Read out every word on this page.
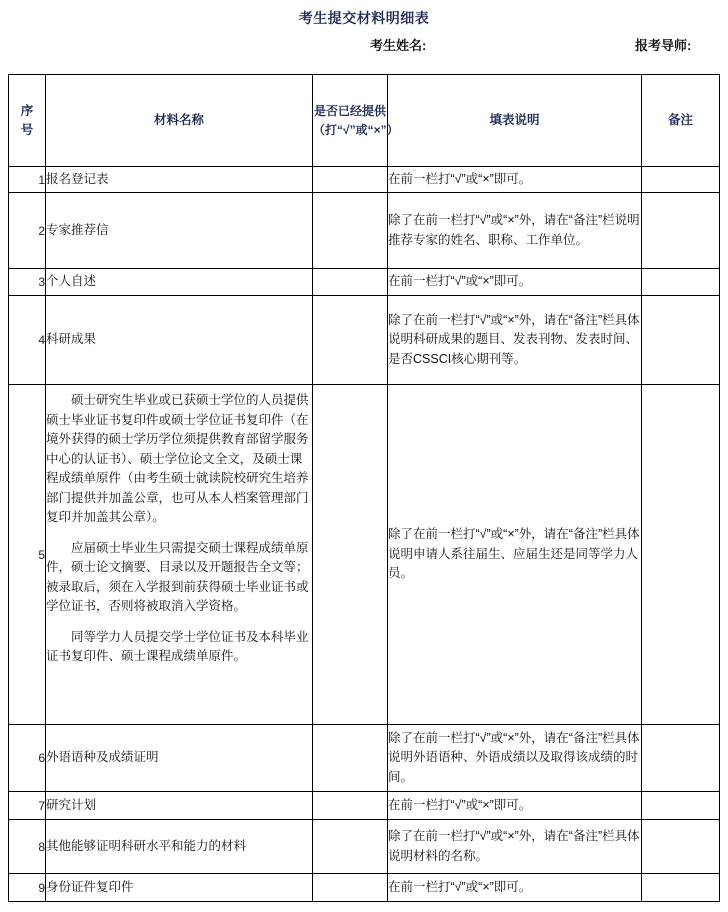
考生提交材料明细表
考生姓名:	报考导师:
序
号	材料名称	是否已经提供（打“√”或“×”）	填表说明	备注
1	报名登记表		在前一栏打“√”或“×”即可。	
2	专家推荐信		除了在前一栏打“√”或“×”外，请在“备注”栏说明推荐专家的姓名、职称、工作单位。	
3	个人自述		在前一栏打“√”或“×”即可。	
4	科研成果		除了在前一栏打“√”或“×”外，请在“备注”栏具体说明科研成果的题目、发表刊物、发表时间、是否CSSCI核心期刊等。	
5	硕士研究生毕业或已获硕士学位的人员提供硕士毕业证书复印件或硕士学位证书复印件（在境外获得的硕士学历学位须提供教育部留学服务中心的认证书）、硕士学位论文全文，及硕士课程成绩单原件（由考生硕士就读院校研究生培养部门提供并加盖公章，也可从本人档案管理部门复印并加盖其公章）。

应届硕士毕业生只需提交硕士课程成绩单原件，硕士论文摘要、目录以及开题报告全文等；被录取后，须在入学报到前获得硕士毕业证书或学位证书，否则将被取消入学资格。

同等学力人员提交学士学位证书及本科毕业证书复印件、硕士课程成绩单原件。		除了在前一栏打“√”或“×”外，请在“备注”栏具体说明申请人系往届生、应届生还是同等学力人员。	
6	外语语种及成绩证明		除了在前一栏打“√”或“×”外，请在“备注”栏具体说明外语语种、外语成绩以及取得该成绩的时间。	
7	研究计划		在前一栏打“√”或“×”即可。	
8	其他能够证明科研水平和能力的材料		除了在前一栏打“√”或“×”外，请在“备注”栏具体说明材料的名称。	
9	身份证件复印件		在前一栏打“√”或“×”即可。	
